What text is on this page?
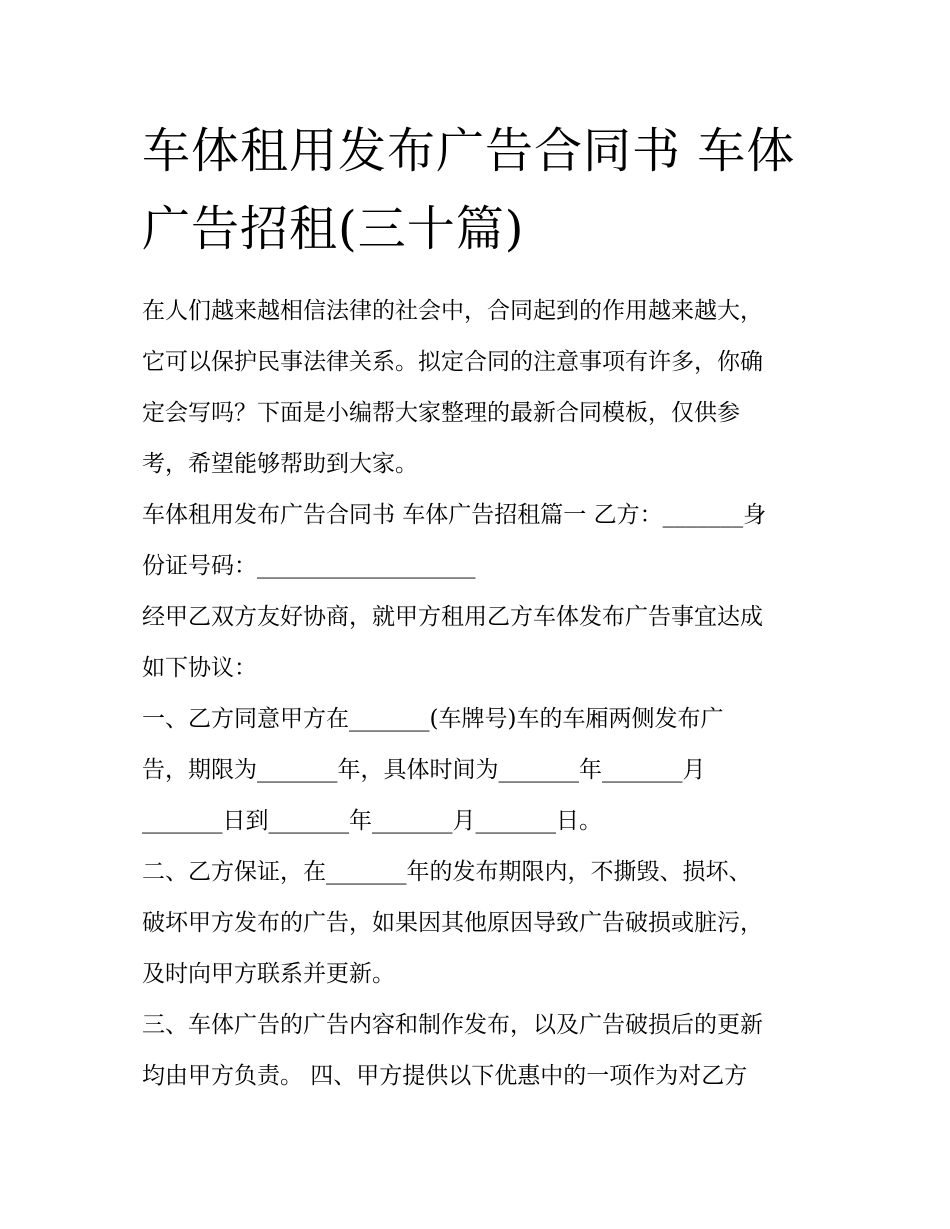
车体租用发布广告合同书 车体
广告招租(三十篇)

在人们越来越相信法律的社会中，合同起到的作用越来越大，
它可以保护民事法律关系。拟定合同的注意事项有许多，你确
定会写吗？下面是小编帮大家整理的最新合同模板，仅供参
考，希望能够帮助到大家。

车体租用发布广告合同书 车体广告招租篇一 乙方：_______身
份证号码：___________________

经甲乙双方友好协商，就甲方租用乙方车体发布广告事宜达成
如下协议：

一、乙方同意甲方在_______(车牌号)车的车厢两侧发布广
告，期限为_______年，具体时间为_______年_______月
_______日到_______年_______月_______日。

二、乙方保证，在_______年的发布期限内，不撕毁、损坏、
破坏甲方发布的广告，如果因其他原因导致广告破损或脏污，
及时向甲方联系并更新。

三、车体广告的广告内容和制作发布，以及广告破损后的更新
均由甲方负责。 四、甲方提供以下优惠中的一项作为对乙方
